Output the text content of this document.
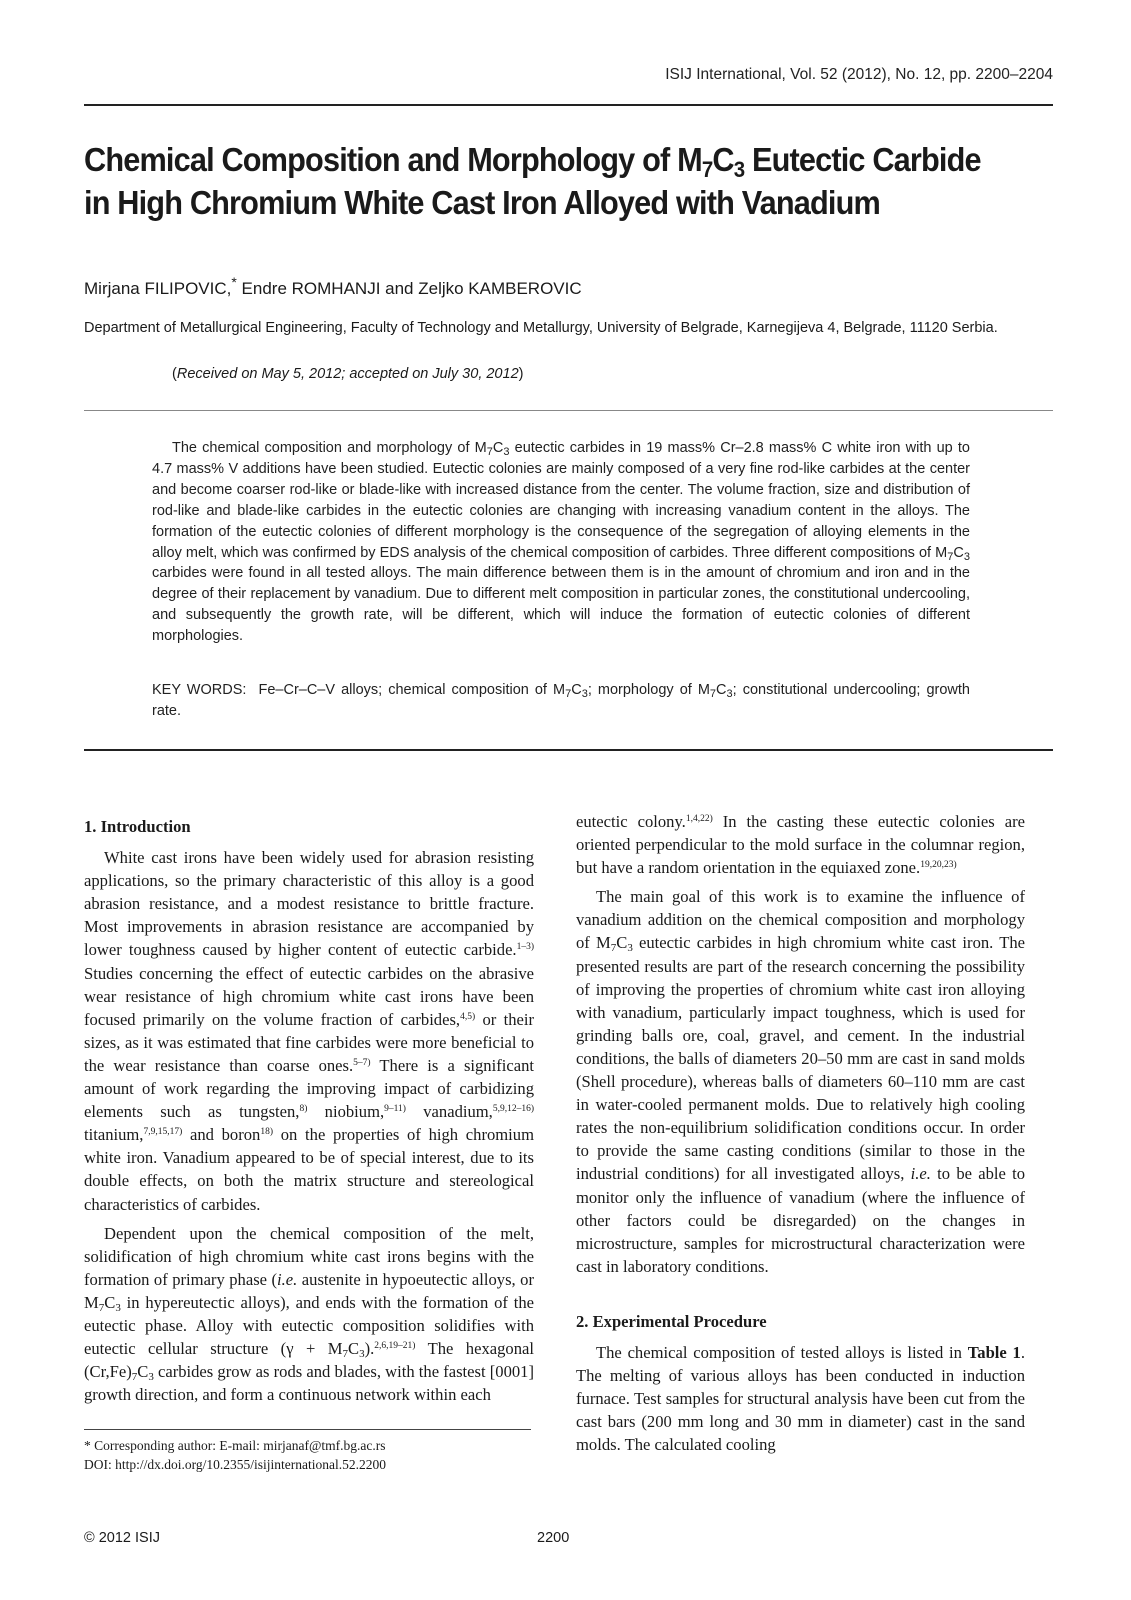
ISIJ International, Vol. 52 (2012), No. 12, pp. 2200–2204
Chemical Composition and Morphology of $M_7C_3$ Eutectic Carbide
in High Chromium White Cast Iron Alloyed with Vanadium
Mirjana FILIPOVIC,* Endre ROMHANJI and Zeljko KAMBEROVIC
Department of Metallurgical Engineering, Faculty of Technology and Metallurgy, University of Belgrade, Karnegijeva 4, Belgrade, 11120 Serbia.
(Received on May 5, 2012; accepted on July 30, 2012)
The chemical composition and morphology of $M_7C_3$ eutectic carbides in 19 mass% Cr–2.8 mass% C white iron with up to 4.7 mass% V additions have been studied. Eutectic colonies are mainly composed of a very fine rod-like carbides at the center and become coarser rod-like or blade-like with increased distance from the center. The volume fraction, size and distribution of rod-like and blade-like carbides in the eutectic colonies are changing with increasing vanadium content in the alloys. The formation of the eutectic colonies of different morphology is the consequence of the segregation of alloying elements in the alloy melt, which was confirmed by EDS analysis of the chemical composition of carbides. Three different compositions of $M_7C_3$ carbides were found in all tested alloys. The main difference between them is in the amount of chromium and iron and in the degree of their replacement by vanadium. Due to different melt composition in particular zones, the constitutional undercooling, and subsequently the growth rate, will be different, which will induce the formation of eutectic colonies of different morphologies.
KEY WORDS: Fe–Cr–C–V alloys; chemical composition of $M_7C_3$; morphology of $M_7C_3$; constitutional undercooling; growth rate.
1. Introduction

White cast irons have been widely used for abrasion resisting applications, so the primary characteristic of this alloy is a good abrasion resistance, and a modest resistance to brittle fracture. Most improvements in abrasion resistance are accompanied by lower toughness caused by higher content of eutectic carbide.$^{1-3)}$ Studies concerning the effect of eutectic carbides on the abrasive wear resistance of high chromium white cast irons have been focused primarily on the volume fraction of carbides,$^{4,5)}$ or their sizes, as it was estimated that fine carbides were more beneficial to the wear resistance than coarse ones.$^{5-7)}$ There is a significant amount of work regarding the improving impact of carbidizing elements such as tungsten,$^{8)}$ niobium,$^{9-11)}$ vanadium,$^{5,9,12-16)}$ titanium,$^{7,9,15,17)}$ and boron$^{18)}$ on the properties of high chromium white iron. Vanadium appeared to be of special interest, due to its double effects, on both the matrix structure and stereological characteristics of carbides.

Dependent upon the chemical composition of the melt, solidification of high chromium white cast irons begins with the formation of primary phase (i.e. austenite in hypoeutectic alloys, or $M_7C_3$ in hypereutectic alloys), and ends with the formation of the eutectic phase. Alloy with eutectic composition solidifies with eutectic cellular structure $(\gamma + M_7C_3).^{2,6,19-21)}$ The hexagonal $(Cr,Fe)_7C_3$ carbides grow as rods and blades, with the fastest [0001] growth direction, and form a continuous network within each

eutectic colony.$^{1,4,22)}$ In the casting these eutectic colonies are oriented perpendicular to the mold surface in the columnar region, but have a random orientation in the equiaxed zone.$^{19,20,23)}$

The main goal of this work is to examine the influence of vanadium addition on the chemical composition and morphology of $M_7C_3$ eutectic carbides in high chromium white cast iron. The presented results are part of the research concerning the possibility of improving the properties of chromium white cast iron alloying with vanadium, particularly impact toughness, which is used for grinding balls ore, coal, gravel, and cement. In the industrial conditions, the balls of diameters 20–50 mm are cast in sand molds (Shell procedure), whereas balls of diameters 60–110 mm are cast in water-cooled permanent molds. Due to relatively high cooling rates the non-equilibrium solidification conditions occur. In order to provide the same casting conditions (similar to those in the industrial conditions) for all investigated alloys, i.e. to be able to monitor only the influence of vanadium (where the influence of other factors could be disregarded) on the changes in microstructure, samples for microstructural characterization were cast in laboratory conditions.

2. Experimental Procedure

The chemical composition of tested alloys is listed in Table 1. The melting of various alloys has been conducted in induction furnace. Test samples for structural analysis have been cut from the cast bars (200 mm long and 30 mm in diameter) cast in the sand molds. The calculated cooling

* Corresponding author: E-mail: mirjanaf@tmf.bg.ac.rs
DOI: http://dx.doi.org/10.2355/isijinternational.52.2200
© 2012 ISIJ	2200
